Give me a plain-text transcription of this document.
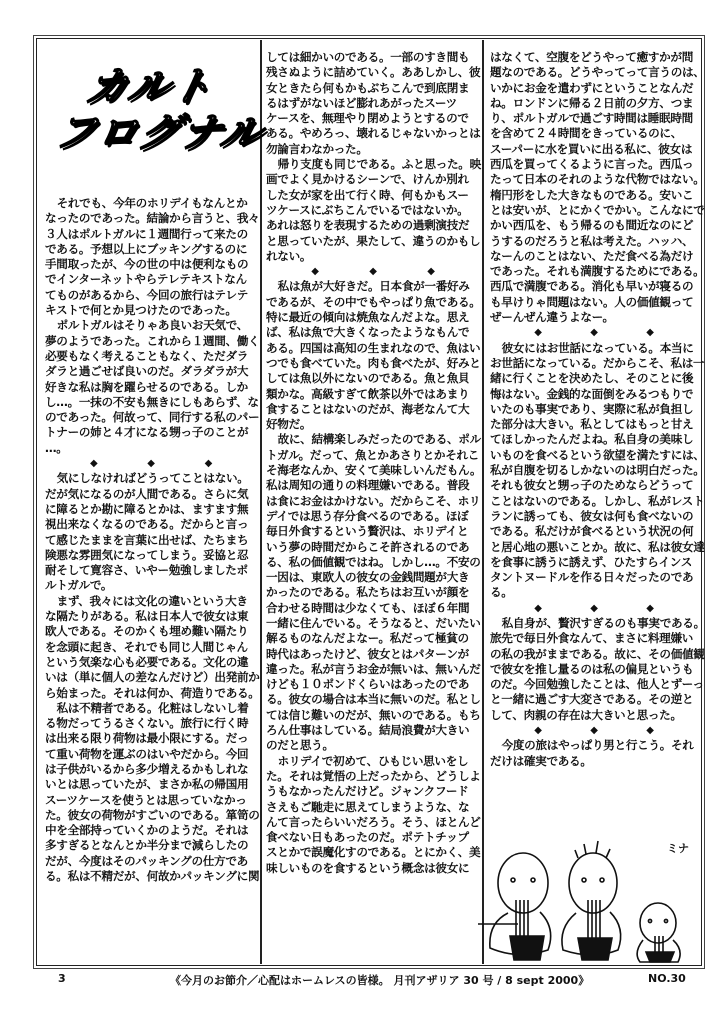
カルト
フログナル

それでも、今年のホリデイもなんとか
なったのであった。結論から言うと、我々
３人はポルトガルに１週間行って来たの
である。予想以上にブッキングするのに
手間取ったが、今の世の中は便利なもの
でインターネットやらテレテキストなん
てものがあるから、今回の旅行はテレテ
キストで何とか見つけたのであった。

ポルトガルはそりゃあ良いお天気で、
夢のようであった。これから１週間、働く
必要もなく考えることもなく、ただダラ
ダラと過ごせば良いのだ。ダラダラが大
好きな私は胸を躍らせるのである。しか
し…。一抹の不安も無きにしもあらず、な
のであった。何故って、同行する私のパー
トナーの姉と４才になる甥っ子のことが
…。

◆	◆	◆

気にしなければどうってことはない。
だが気になるのが人間である。さらに気
に障るとか勘に障るとかは、ますます無
視出来なくなるのである。だからと言っ
て感じたままを言葉に出せば、たちまち
険悪な雰囲気になってしまう。妥協と忍
耐そして寛容さ、いやー勉強しましたポ
ルトガルで。

まず、我々には文化の違いという大き
な隔たりがある。私は日本人で彼女は東
欧人である。そのかくも埋め難い隔たり
を念頭に起き、それでも同じ人間じゃん
という気楽な心も必要である。文化の違
いは（単に個人の差なんだけど）出発前か
ら始まった。それは何か、荷造りである。

私は不精者である。化粧はしないし着
る物だってうるさくない。旅行に行く時
は出来る限り荷物は最小限にする。だっ
て重い荷物を運ぶのはいやだから。今回
は子供がいるから多少増えるかもしれな
いとは思っていたが、まさか私の帰国用
スーツケースを使うとは思っていなかっ
た。彼女の荷物がすごいのである。箪笥の
中を全部持っていくかのようだ。それは
多すぎるとなんとか半分まで減らしたの
だが、今度はそのパッキングの仕方であ
る。私は不精だが、何故かパッキングに関

しては細かいのである。一部のすき間も
残さぬように詰めていく。ああしかし、彼
女ときたら何もかもぶちこんで到底閉ま
るはずがないほど膨れあがったスーツ
ケースを、無理やり閉めようとするので
ある。やめろっ、壊れるじゃないかっとは
勿論言わなかった。

帰り支度も同じである。ふと思った。映
画でよく見かけるシーンで、けんか別れ
した女が家を出て行く時、何もかもスー
ツケースにぶちこんでいるではないか。
あれは怒りを表現するための過剰演技だ
と思っていたが、果たして、違うのかもし
れない。

◆	◆	◆

私は魚が大好きだ。日本食が一番好み
であるが、その中でもやっぱり魚である。
特に最近の傾向は焼魚なんだよな。思え
ば、私は魚で大きくなったようなもんで
ある。四国は高知の生まれなので、魚はい
つでも食べていた。肉も食べたが、好みと
しては魚以外にないのである。魚と魚貝
類かな。高級すぎて飲茶以外ではあまり
食することはないのだが、海老なんて大
好物だ。

故に、結構楽しみだったのである、ポル
トガル。だって、魚とかあさりとかそれこ
そ海老なんか、安くて美味しいんだもん。
私は周知の通りの料理嫌いである。普段
は食にお金はかけない。だからこそ、ホリ
デイでは思う存分食べるのである。ほぼ
毎日外食するという贅沢は、ホリデイと
いう夢の時間だからこそ許されるのであ
る、私の価値観ではね。しかし…。不安の
一因は、東欧人の彼女の金銭問題が大き
かったのである。私たちはお互いが顔を
合わせる時間は少なくても、ほぼ６年間
一緒に住んでいる。そうなると、だいたい
解るものなんだよなー。私だって極貧の
時代はあったけど、彼女とはパターンが
違った。私が言うお金が無いは、無いんだ
けども１０ポンドくらいはあったのであ
る。彼女の場合は本当に無いのだ。私とし
ては信じ難いのだが、無いのである。もち
ろん仕事はしている。結局浪費が大きい
のだと思う。

ホリデイで初めて、ひもじい思いをし
た。それは覚悟の上だったから、どうしよ
うもなかったんだけど。ジャンクフード
さえもご馳走に思えてしまうような、な
んて言ったらいいだろう。そう、ほとんど
食べない日もあったのだ。ポテトチップ
スとかで誤魔化すのである。とにかく、美
味しいものを食するという概念は彼女に

はなくて、空腹をどうやって癒すかが問
題なのである。どうやってって言うのは、
いかにお金を遣わずにということなんだ
ね。ロンドンに帰る２日前の夕方、つま
り、ポルトガルで過ごす時間は睡眠時間
を含めて２４時間をきっているのに、
スーパーに水を買いに出る私に、彼女は
西瓜を買ってくるように言った。西瓜っ
たって日本のそれのような代物ではない。
楕円形をした大きなものである。安いこ
とは安いが、とにかくでかい。こんなにで
かい西瓜を、もう帰るのも間近なのにど
うするのだろうと私は考えた。ハッハ、
なーんのことはない、ただ食べる為だけ
であった。それも満腹するためにである。
西瓜で満腹である。消化も早いが寝るの
も早けりゃ問題はない。人の価値観って
ぜーんぜん違うよなー。

◆	◆	◆

彼女にはお世話になっている。本当に
お世話になっている。だからこそ、私は一
緒に行くことを決めたし、そのことに後
悔はない。金銭的な面倒をみるつもりで
いたのも事実であり、実際に私が負担し
た部分は大きい。私としてはもっと甘え
てほしかったんだよね。私自身の美味し
いものを食べるという欲望を満たすには、
私が自腹を切るしかないのは明白だった。
それも彼女と甥っ子のためならどうって
ことはないのである。しかし、私がレスト
ランに誘っても、彼女は何も食べないの
である。私だけが食べるという状況の何
と居心地の悪いことか。故に、私は彼女達
を食事に誘うに誘えず、ひたすらインス
タントヌードルを作る日々だったのであ
る。

◆	◆	◆

私自身が、贅沢すぎるのも事実である。
旅先で毎日外食なんて、まさに料理嫌い
の私の我がままである。故に、その価値観
で彼女を推し量るのは私の偏見というも
のだ。今回勉強したことは、他人とずーっ
と一緒に過ごす大変さである。その逆と
して、肉親の存在は大きいと思った。

◆	◆	◆

今度の旅はやっぱり男と行こう。それ
だけは確実である。

ミナ
3	《今月のお節介／心配はホームレスの皆様。 月刊アザリア 30 号 / 8 sept 2000》	NO.30
